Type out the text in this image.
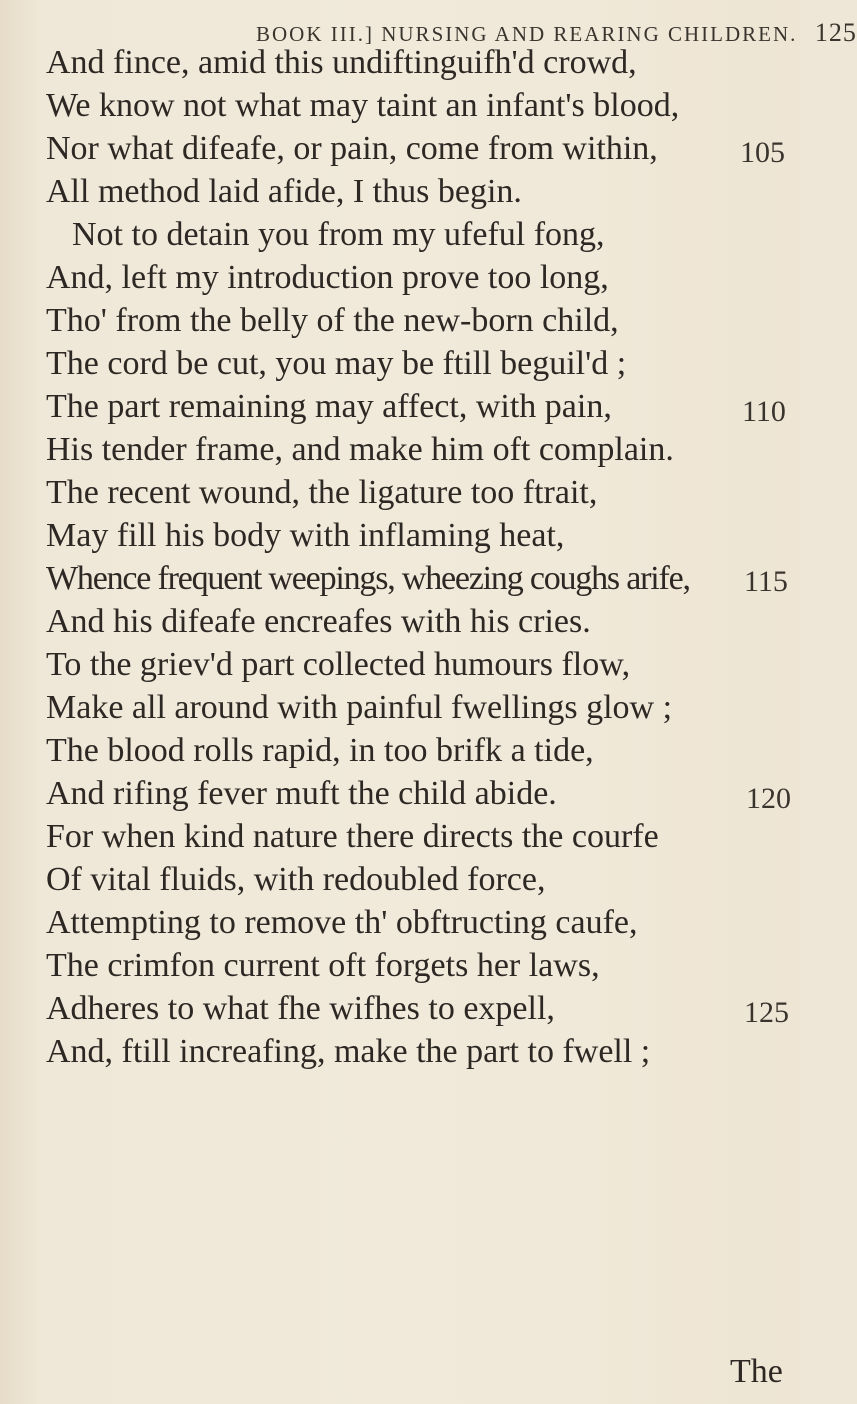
BOOK III.] NURSING AND REARING CHILDREN. 125
And fince, amid this undiftinguifh'd crowd,
We know not what may taint an infant's blood,
Nor what difeafe, or pain, come from within,
All method laid afide, I thus begin.
Not to detain you from my ufeful fong,
And, left my introduction prove too long,
Tho' from the belly of the new-born child,
The cord be cut, you may be ftill beguil'd ;
The part remaining may affect, with pain,
His tender frame, and make him oft complain.
The recent wound, the ligature too ftrait,
May fill his body with inflaming heat,
Whence frequent weepings, wheezing coughs arife,
And his difeafe encreafes with his cries.
To the griev'd part collected humours flow,
Make all around with painful fwellings glow ;
The blood rolls rapid, in too brifk a tide,
And rifing fever muft the child abide.
For when kind nature there directs the courfe
Of vital fluids, with redoubled force,
Attempting to remove th' obftructing caufe,
The crimfon current oft forgets her laws,
Adheres to what fhe wifhes to expell,
And, ftill increafing, make the part to fwell ;
105
110
115
120
125
The
